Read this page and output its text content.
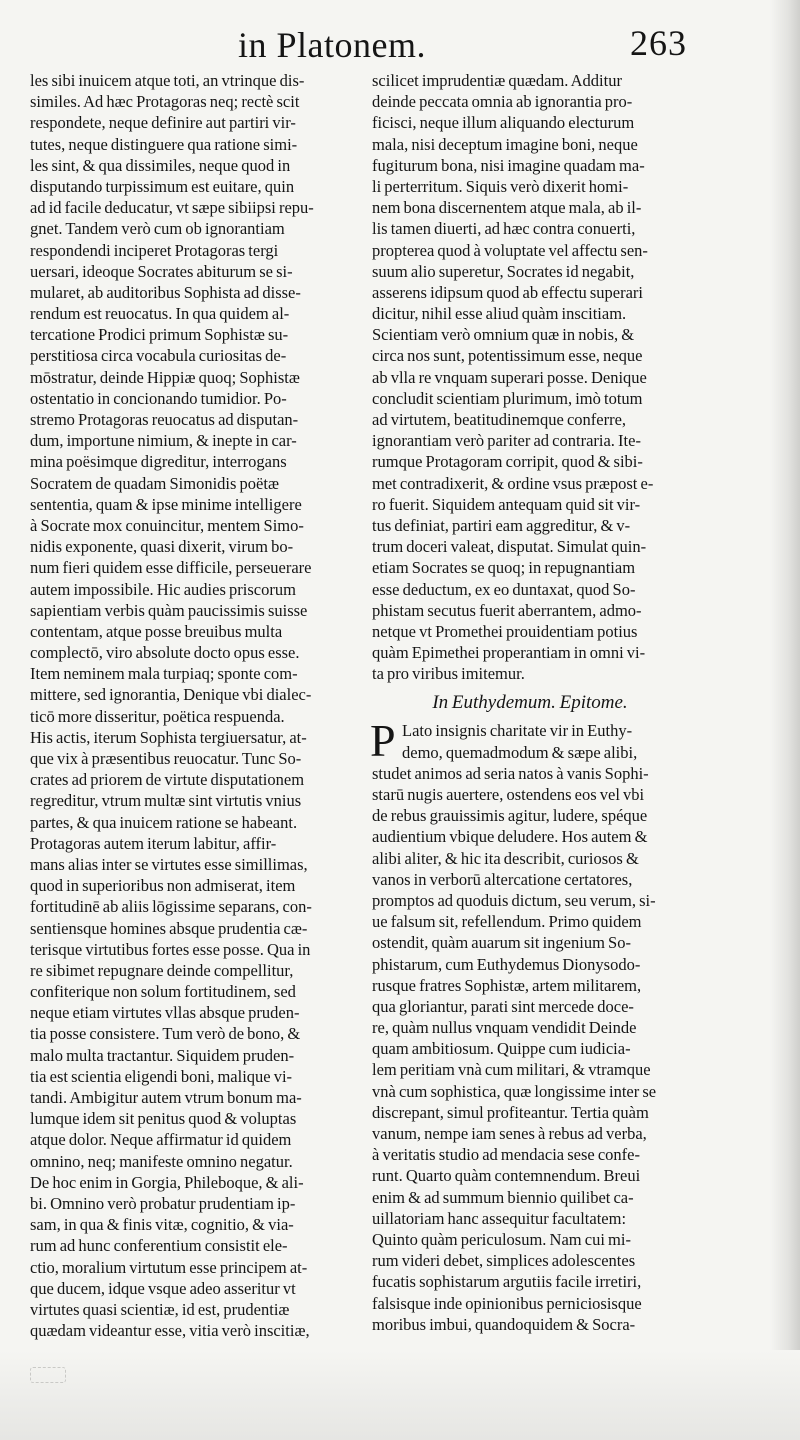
in Platonem.	263
les sibi inuicem atque toti, an vtrinque dis-
similes. Ad hæc Protagoras neq; rectè scit
respondete, neque definire aut partiri vir-
tutes, neque distinguere qua ratione simi-
les sint, & qua dissimiles, neque quod in
disputando turpissimum est euitare, quin
ad id facile deducatur, vt sæpe sibiipsi repu-
gnet. Tandem verò cum ob ignorantiam
respondendi inciperet Protagoras tergi
uersari, ideoque Socrates abiturum se si-
mularet, ab auditoribus Sophista ad disse-
rendum est reuocatus. In qua quidem al-
tercatione Prodici primum Sophistæ su-
perstitiosa circa vocabula curiositas de-
mōstratur, deinde Hippiæ quoq; Sophistæ
ostentatio in concionando tumidior. Po-
stremo Protagoras reuocatus ad disputan-
dum, importune nimium, & inepte in car-
mina poësimque digreditur, interrogans
Socratem de quadam Simonidis poëtæ
sententia, quam & ipse minime intelligere
à Socrate mox conuincitur, mentem Simo-
nidis exponente, quasi dixerit, virum bo-
num fieri quidem esse difficile, perseuerare
autem impossibile. Hic audies priscorum
sapientiam verbis quàm paucissimis suisse
contentam, atque posse breuibus multa
complectō, viro absolute docto opus esse.
Item neminem mala turpiaq; sponte com-
mittere, sed ignorantia, Denique vbi dialec-
ticō more disseritur, poëtica respuenda.
His actis, iterum Sophista tergiuersatur, at-
que vix à præsentibus reuocatur. Tunc So-
crates ad priorem de virtute disputationem
regreditur, vtrum multæ sint virtutis vnius
partes, & qua inuicem ratione se habeant.
Protagoras autem iterum labitur, affir-
mans alias inter se virtutes esse simillimas,
quod in superioribus non admiserat, item
fortitudinē ab aliis lōgissime separans, con-
sentiensque homines absque prudentia cæ-
terisque virtutibus fortes esse posse. Qua in
re sibimet repugnare deinde compellitur,
confiterique non solum fortitudinem, sed
neque etiam virtutes vllas absque pruden-
tia posse consistere. Tum verò de bono, &
malo multa tractantur. Siquidem pruden-
tia est scientia eligendi boni, malique vi-
tandi. Ambigitur autem vtrum bonum ma-
lumque idem sit penitus quod & voluptas
atque dolor. Neque affirmatur id quidem
omnino, neq; manifeste omnino negatur.
De hoc enim in Gorgia, Phileboque, & ali-
bi. Omnino verò probatur prudentiam ip-
sam, in qua & finis vitæ, cognitio, & via-
rum ad hunc conferentium consistit ele-
ctio, moralium virtutum esse principem at-
que ducem, idque vsque adeo asseritur vt
virtutes quasi scientiæ, id est, prudentiæ
quædam videantur esse, vitia verò inscitiæ,
scilicet imprudentiæ quædam. Additur
deinde peccata omnia ab ignorantia pro-
ficisci, neque illum aliquando electurum
mala, nisi deceptum imagine boni, neque
fugiturum bona, nisi imagine quadam ma-
li perterritum. Siquis verò dixerit homi-
nem bona discernentem atque mala, ab il-
lis tamen diuerti, ad hæc contra conuerti,
propterea quod à voluptate vel affectu sen-
suum alio superetur, Socrates id negabit,
asserens idipsum quod ab effectu superari
dicitur, nihil esse aliud quàm inscitiam.
Scientiam verò omnium quæ in nobis, &
circa nos sunt, potentissimum esse, neque
ab vlla re vnquam superari posse. Denique
concludit scientiam plurimum, imò totum
ad virtutem, beatitudinemque conferre,
ignorantiam verò pariter ad contraria. Ite-
rumque Protagoram corripit, quod & sibi-
met contradixerit, & ordine vsus præpost e-
ro fuerit. Siquidem antequam quid sit vir-
tus definiat, partiri eam aggreditur, & v-
trum doceri valeat, disputat. Simulat quin-
etiam Socrates se quoq; in repugnantiam
esse deductum, ex eo duntaxat, quod So-
phistam secutus fuerit aberrantem, admo-
netque vt Promethei prouidentiam potius
quàm Epimethei properantiam in omni vi-
ta pro viribus imitemur.
In Euthydemum. Epitome.
P Lato insignis charitate vir in Euthy-
demo, quemadmodum & sæpe alibi,
studet animos ad seria natos à vanis Sophi-
starū nugis auertere, ostendens eos vel vbi
de rebus grauissimis agitur, ludere, spéque
audientium vbique deludere. Hos autem &
alibi aliter, & hic ita describit, curiosos &
vanos in verborū altercatione certatores,
promptos ad quoduis dictum, seu verum, si-
ue falsum sit, refellendum. Primo quidem
ostendit, quàm auarum sit ingenium So-
phistarum, cum Euthydemus Dionysodo-
rusque fratres Sophistæ, artem militarem,
qua gloriantur, parati sint mercede doce-
re, quàm nullus vnquam vendidit Deinde
quam ambitiosum. Quippe cum iudicia-
lem peritiam vnà cum militari, & vtramque
vnà cum sophistica, quæ longissime inter se
discrepant, simul profiteantur. Tertia quàm
vanum, nempe iam senes à rebus ad verba,
à veritatis studio ad mendacia sese confe-
runt. Quarto quàm contemnendum. Breui
enim & ad summum biennio quilibet ca-
uillatoriam hanc assequitur facultatem:
Quinto quàm periculosum. Nam cui mi-
rum videri debet, simplices adolescentes
fucatis sophistarum argutiis facile irretiri,
falsisque inde opinionibus perniciosisque
moribus imbui, quandoquidem & Socra-
